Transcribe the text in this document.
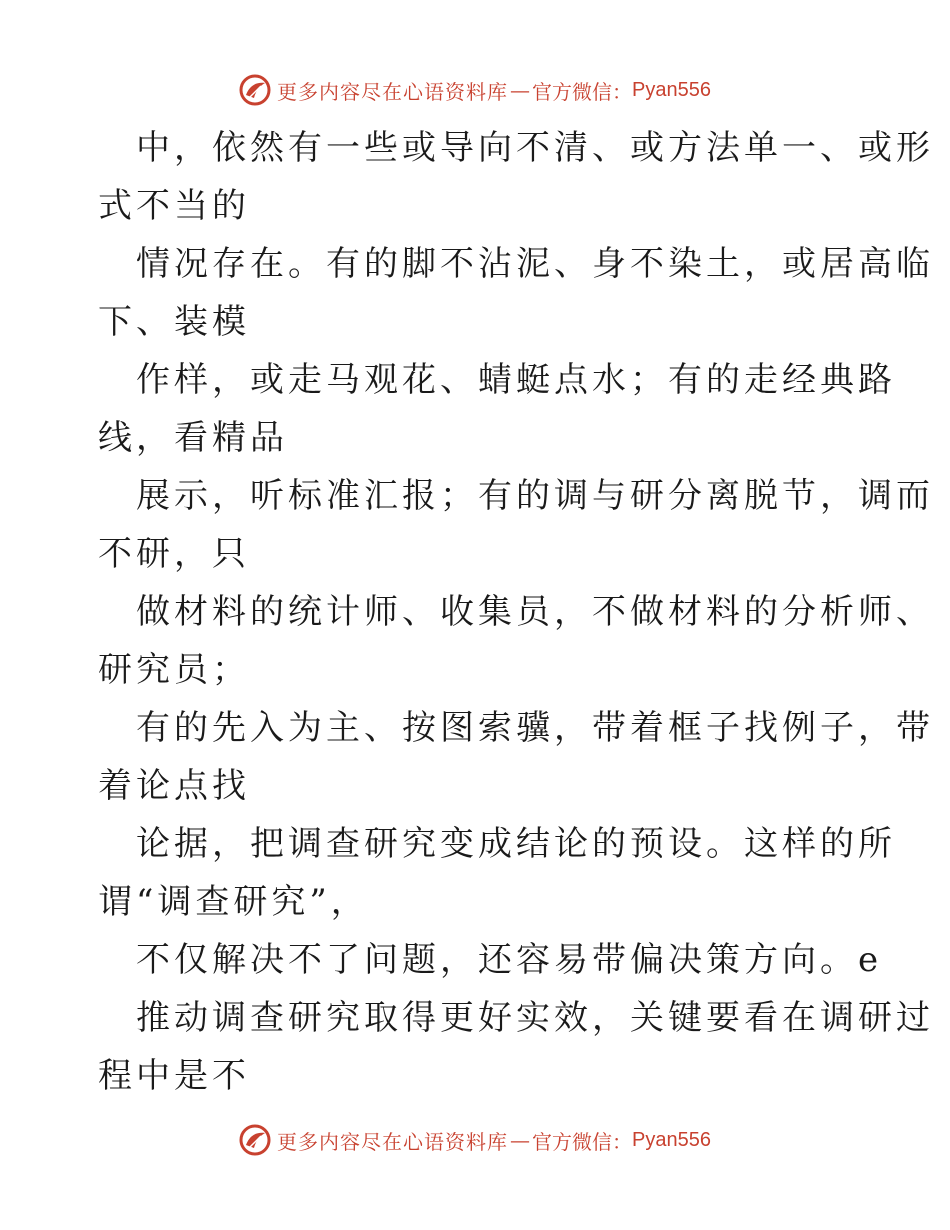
更多内容尽在心语资料库 — 官方微信： Pyan556
中，依然有一些或导向不清、或方法单一、或形
式不当的
情况存在。有的脚不沾泥、身不染土，或居高临
下、装模
作样，或走马观花、蜻蜓点水；有的走经典路
线，看精品
展示，听标准汇报；有的调与研分离脱节，调而
不研，只
做材料的统计师、收集员，不做材料的分析师、
研究员；
有的先入为主、按图索骥，带着框子找例子，带
着论点找
论据，把调查研究变成结论的预设。这样的所
谓“调查研究”，
不仅解决不了问题，还容易带偏决策方向。e
推动调查研究取得更好实效，关键要看在调研过
程中是不
更多内容尽在心语资料库 — 官方微信： Pyan556
